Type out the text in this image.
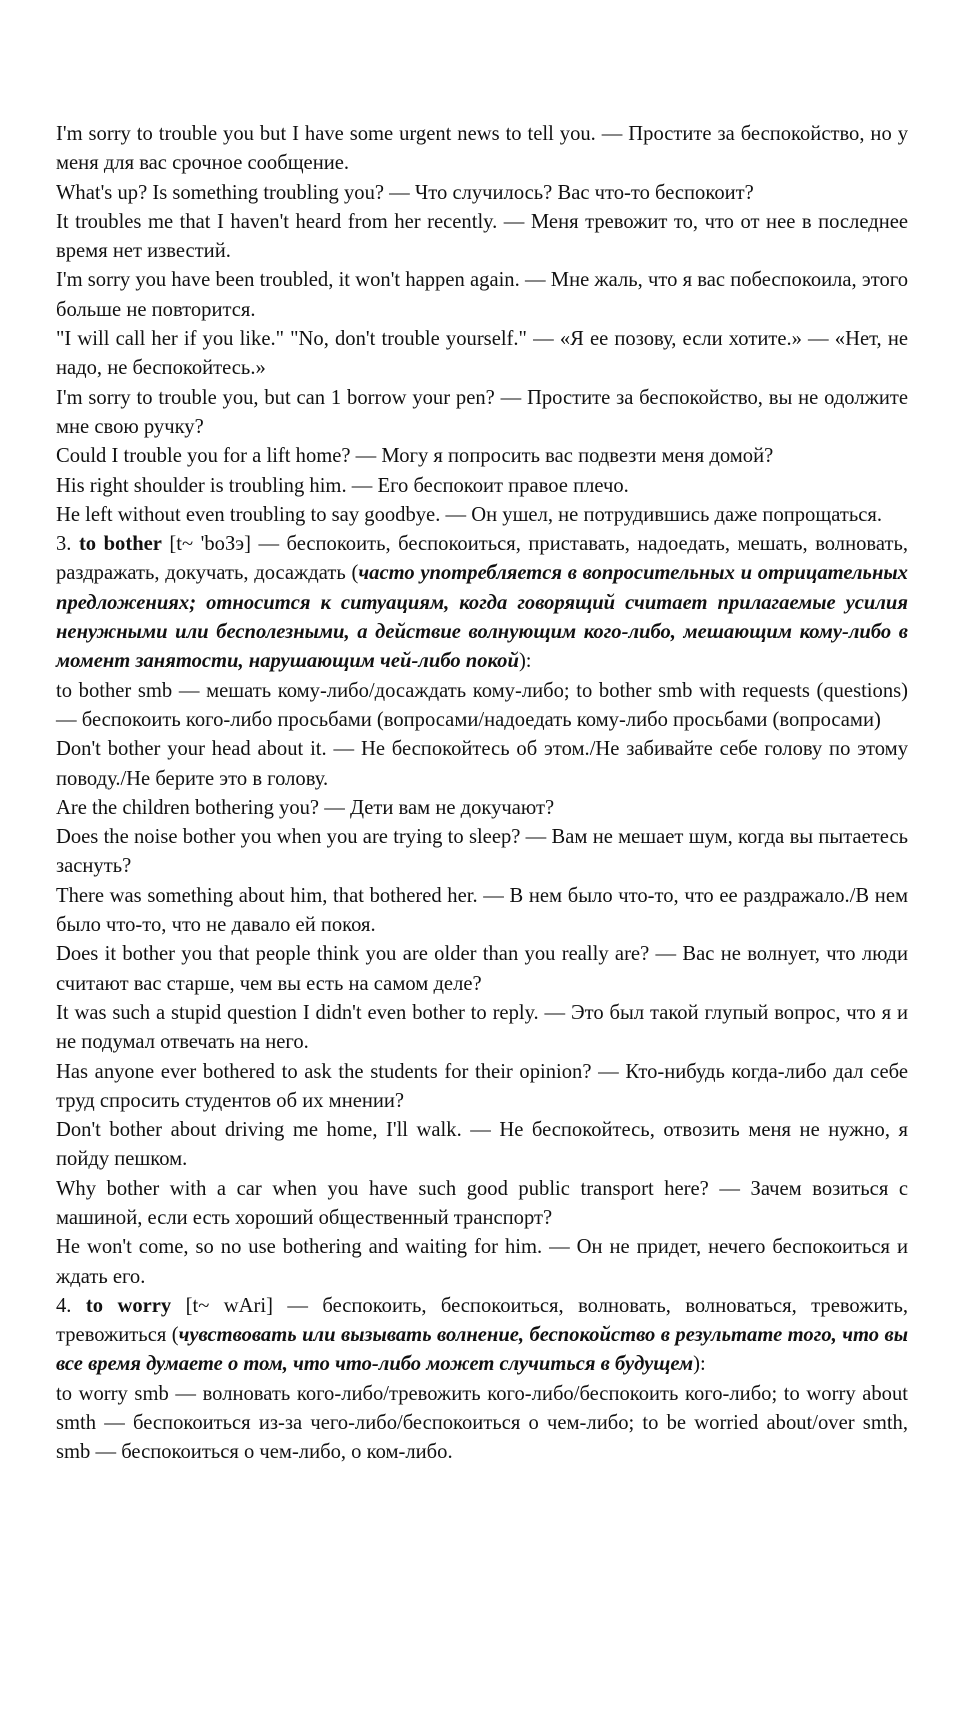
I'm sorry to trouble you but I have some urgent news to tell you. — Простите за беспокойство, но у меня для вас срочное сообщение.

What's up? Is something troubling you? — Что случилось? Вас что-то беспокоит?

It troubles me that I haven't heard from her recently. — Меня тревожит то, что от нее в последнее время нет известий.

I'm sorry you have been troubled, it won't happen again. — Мне жаль, что я вас побеспокоила, этого больше не повторится.

"I will call her if you like." "No, don't trouble yourself." — «Я ее позову, если хотите.» — «Нет, не надо, не беспокойтесь.»

I'm sorry to trouble you, but can 1 borrow your pen? — Простите за беспокойство, вы не одолжите мне свою ручку?

Could I trouble you for a lift home? — Могу я попросить вас подвезти меня домой?

His right shoulder is troubling him. — Его беспокоит правое плечо.

He left without even troubling to say goodbye. — Он ушел, не потрудившись даже попрощаться.

3. to bother [t~ 'boЗэ] — беспокоить, беспокоиться, приставать, надоедать, мешать, волновать, раздражать, докучать, досаждать (часто употребляется в вопросительных и отрицательных предложениях; относится к ситуациям, когда говорящий считает прилагаемые усилия ненужными или бесполезными, а действие волнующим кого-либо, мешающим кому-либо в момент занятости, нарушающим чей-либо покой):

to bother smb — мешать кому-либо/досаждать кому-либо; to bother smb with requests (questions) — беспокоить кого-либо просьбами (вопросами/надоедать кому-либо просьбами (вопросами)

Don't bother your head about it. — Не беспокойтесь об этом./Не забивайте себе голову по этому поводу./Не берите это в голову.

Are the children bothering you? — Дети вам не докучают?

Does the noise bother you when you are trying to sleep? — Вам не мешает шум, когда вы пытаетесь заснуть?

There was something about him, that bothered her. — В нем было что-то, что ее раздражало./В нем было что-то, что не давало ей покоя.

Does it bother you that people think you are older than you really are? — Вас не волнует, что люди считают вас старше, чем вы есть на самом деле?

It was such a stupid question I didn't even bother to reply. — Это был такой глупый вопрос, что я и не подумал отвечать на него.

Has anyone ever bothered to ask the students for their opinion? — Кто-нибудь когда-либо дал себе труд спросить студентов об их мнении?

Don't bother about driving me home, I'll walk. — Не беспокойтесь, отвозить меня не нужно, я пойду пешком.

Why bother with a car when you have such good public transport here? — Зачем возиться с машиной, если есть хороший общественный транспорт?

He won't come, so no use bothering and waiting for him. — Он не придет, нечего беспокоиться и ждать его.

4. to worry [t~ wAri] — беспокоить, беспокоиться, волновать, волноваться, тревожить, тревожиться (чувствовать или вызывать волнение, беспокойство в результате того, что вы все время думаете о том, что что-либо может случиться в будущем):

to worry smb — волновать кого-либо/тревожить кого-либо/беспокоить кого-либо; to worry about smth — беспокоиться из-за чего-либо/беспокоиться о чем-либо; to be worried about/over smth, smb — беспокоиться о чем-либо, о ком-либо.
